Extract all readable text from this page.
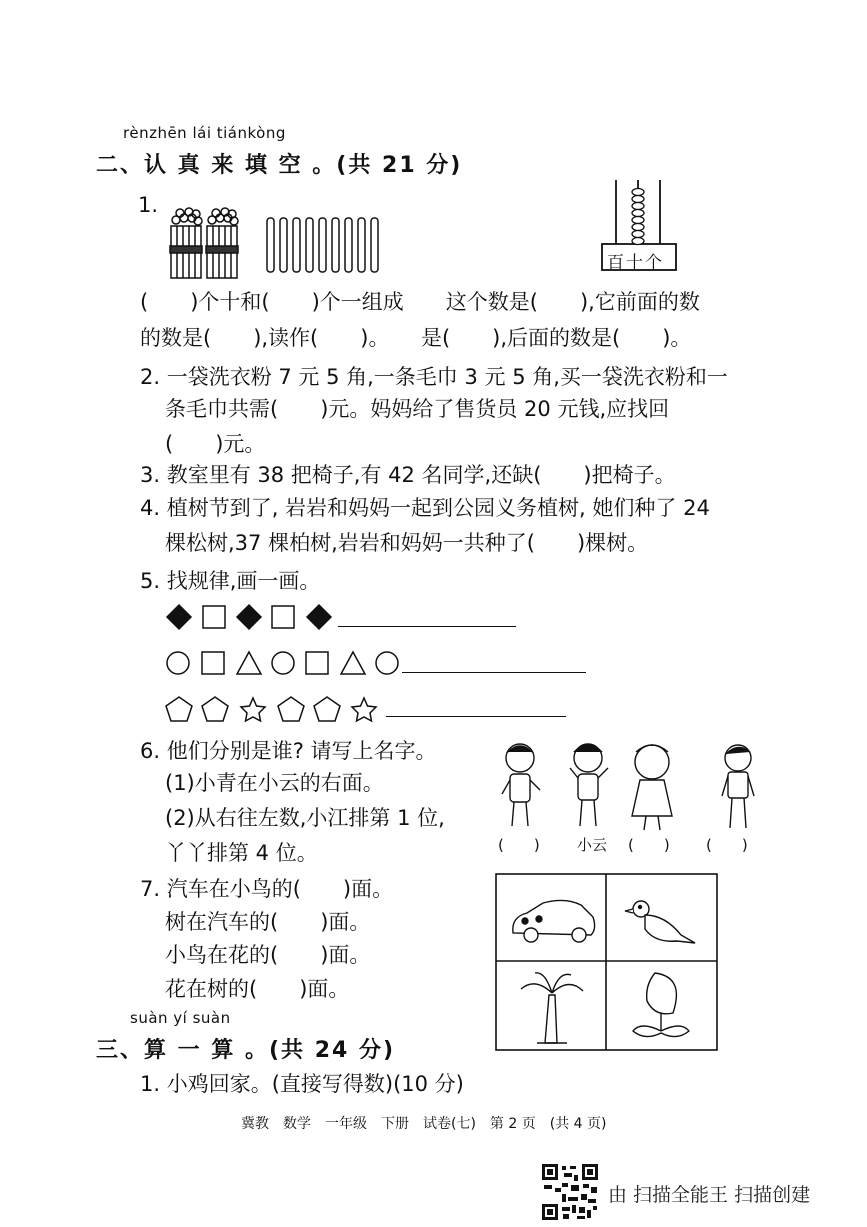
rènzhēn lái tiánkòng
二、认 真 来 填 空 。(共 21 分)
1.
百十个
(　　)个十和(　　)个一组成　　这个数是(　　),它前面的数
的数是(　　),读作(　　)。　　是(　　),后面的数是(　　)。
2. 一袋洗衣粉 7 元 5 角,一条毛巾 3 元 5 角,买一袋洗衣粉和一
条毛巾共需(　　)元。妈妈给了售货员 20 元钱,应找回
(　　)元。
3. 教室里有 38 把椅子,有 42 名同学,还缺(　　)把椅子。
4. 植树节到了, 岩岩和妈妈一起到公园义务植树, 她们种了 24
棵松树,37 棵柏树,岩岩和妈妈一共种了(　　)棵树。
5. 找规律,画一画。
6. 他们分别是谁? 请写上名字。
(1)小青在小云的右面。
(2)从右往左数,小江排第 1 位,
丫丫排第 4 位。	(　　) 小云 (　　) (　　)
7. 汽车在小鸟的(　　)面。
树在汽车的(　　)面。
小鸟在花的(　　)面。
花在树的(　　)面。
suàn yí suàn
三、算 一 算 。(共 24 分)
1. 小鸡回家。(直接写得数)(10 分)
冀教　数学　一年级　下册　试卷(七)　第 2 页　(共 4 页)
由 扫描全能王 扫描创建
